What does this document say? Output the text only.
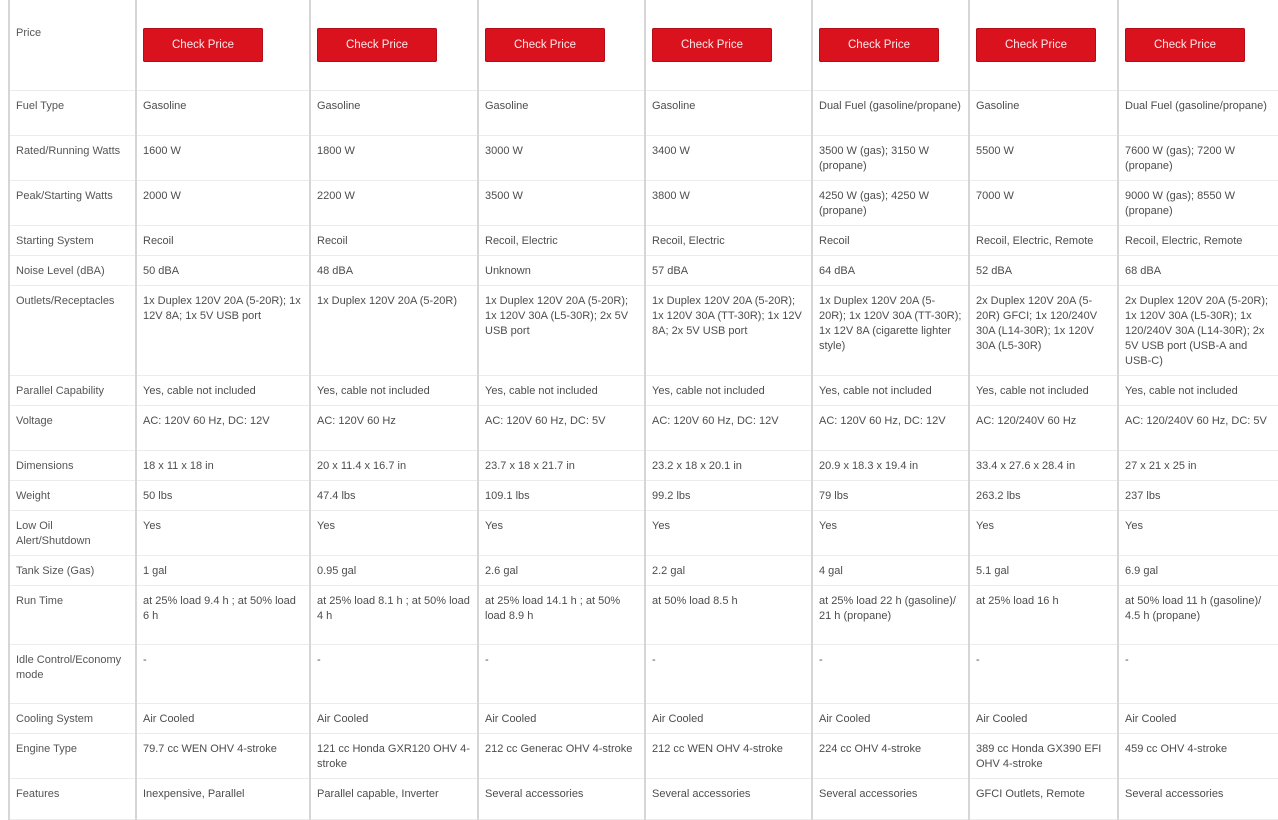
Price	Check Price	Check Price	Check Price	Check Price	Check Price	Check Price	Check Price

Fuel Type	Gasoline	Gasoline	Gasoline	Gasoline	Dual Fuel (gasoline/propane)	Gasoline	Dual Fuel (gasoline/propane)
Rated/Running Watts	1600 W	1800 W	3000 W	3400 W	3500 W (gas); 3150 W (propane)	5500 W	7600 W (gas); 7200 W (propane)
Peak/Starting Watts	2000 W	2200 W	3500 W	3800 W	4250 W (gas); 4250 W (propane)	7000 W	9000 W (gas); 8550 W (propane)
Starting System	Recoil	Recoil	Recoil, Electric	Recoil, Electric	Recoil	Recoil, Electric, Remote	Recoil, Electric, Remote
Noise Level (dBA)	50 dBA	48 dBA	Unknown	57 dBA	64 dBA	52 dBA	68 dBA
Outlets/Receptacles	1x Duplex 120V 20A (5-20R); 1x 12V 8A; 1x 5V USB port	1x Duplex 120V 20A (5-20R)	1x Duplex 120V 20A (5-20R); 1x 120V 30A (L5-30R); 2x 5V USB port	1x Duplex 120V 20A (5-20R); 1x 120V 30A (TT-30R); 1x 12V 8A; 2x 5V USB port	1x Duplex 120V 20A (5-20R); 1x 120V 30A (TT-30R); 1x 12V 8A (cigarette lighter style)	2x Duplex 120V 20A (5-20R) GFCI; 1x 120/240V 30A (L14-30R); 1x 120V 30A (L5-30R)	2x Duplex 120V 20A (5-20R); 1x 120V 30A (L5-30R); 1x 120/240V 30A (L14-30R); 2x 5V USB port (USB-A and USB-C)
Parallel Capability	Yes, cable not included	Yes, cable not included	Yes, cable not included	Yes, cable not included	Yes, cable not included	Yes, cable not included	Yes, cable not included
Voltage	AC: 120V 60 Hz, DC: 12V	AC: 120V 60 Hz	AC: 120V 60 Hz, DC: 5V	AC: 120V 60 Hz, DC: 12V	AC: 120V 60 Hz, DC: 12V	AC: 120/240V 60 Hz	AC: 120/240V 60 Hz, DC: 5V
Dimensions	18 x 11 x 18 in	20 x 11.4 x 16.7 in	23.7 x 18 x 21.7 in	23.2 x 18 x 20.1 in	20.9 x 18.3 x 19.4 in	33.4 x 27.6 x 28.4 in	27 x 21 x 25 in
Weight	50 lbs	47.4 lbs	109.1 lbs	99.2 lbs	79 lbs	263.2 lbs	237 lbs
Low Oil Alert/Shutdown	Yes	Yes	Yes	Yes	Yes	Yes	Yes
Tank Size (Gas)	1 gal	0.95 gal	2.6 gal	2.2 gal	4 gal	5.1 gal	6.9 gal
Run Time	at 25% load 9.4 h ; at 50% load 6 h	at 25% load 8.1 h ; at 50% load 4 h	at 25% load 14.1 h ; at 50% load 8.9 h	at 50% load 8.5 h	at 25% load 22 h (gasoline)/ 21 h (propane)	at 25% load 16 h	at 50% load 11 h (gasoline)/ 4.5 h (propane)
Idle Control/Economy mode	-	-	-	-	-	-	-
Cooling System	Air Cooled	Air Cooled	Air Cooled	Air Cooled	Air Cooled	Air Cooled	Air Cooled
Engine Type	79.7 cc WEN OHV 4-stroke	121 cc Honda GXR120 OHV 4-stroke	212 cc Generac OHV 4-stroke	212 cc WEN OHV 4-stroke	224 cc OHV 4-stroke	389 cc Honda GX390 EFI OHV 4-stroke	459 cc OHV 4-stroke
Features	Inexpensive, Parallel	Parallel capable, Inverter	Several accessories	Several accessories	Several accessories	GFCI Outlets, Remote	Several accessories
